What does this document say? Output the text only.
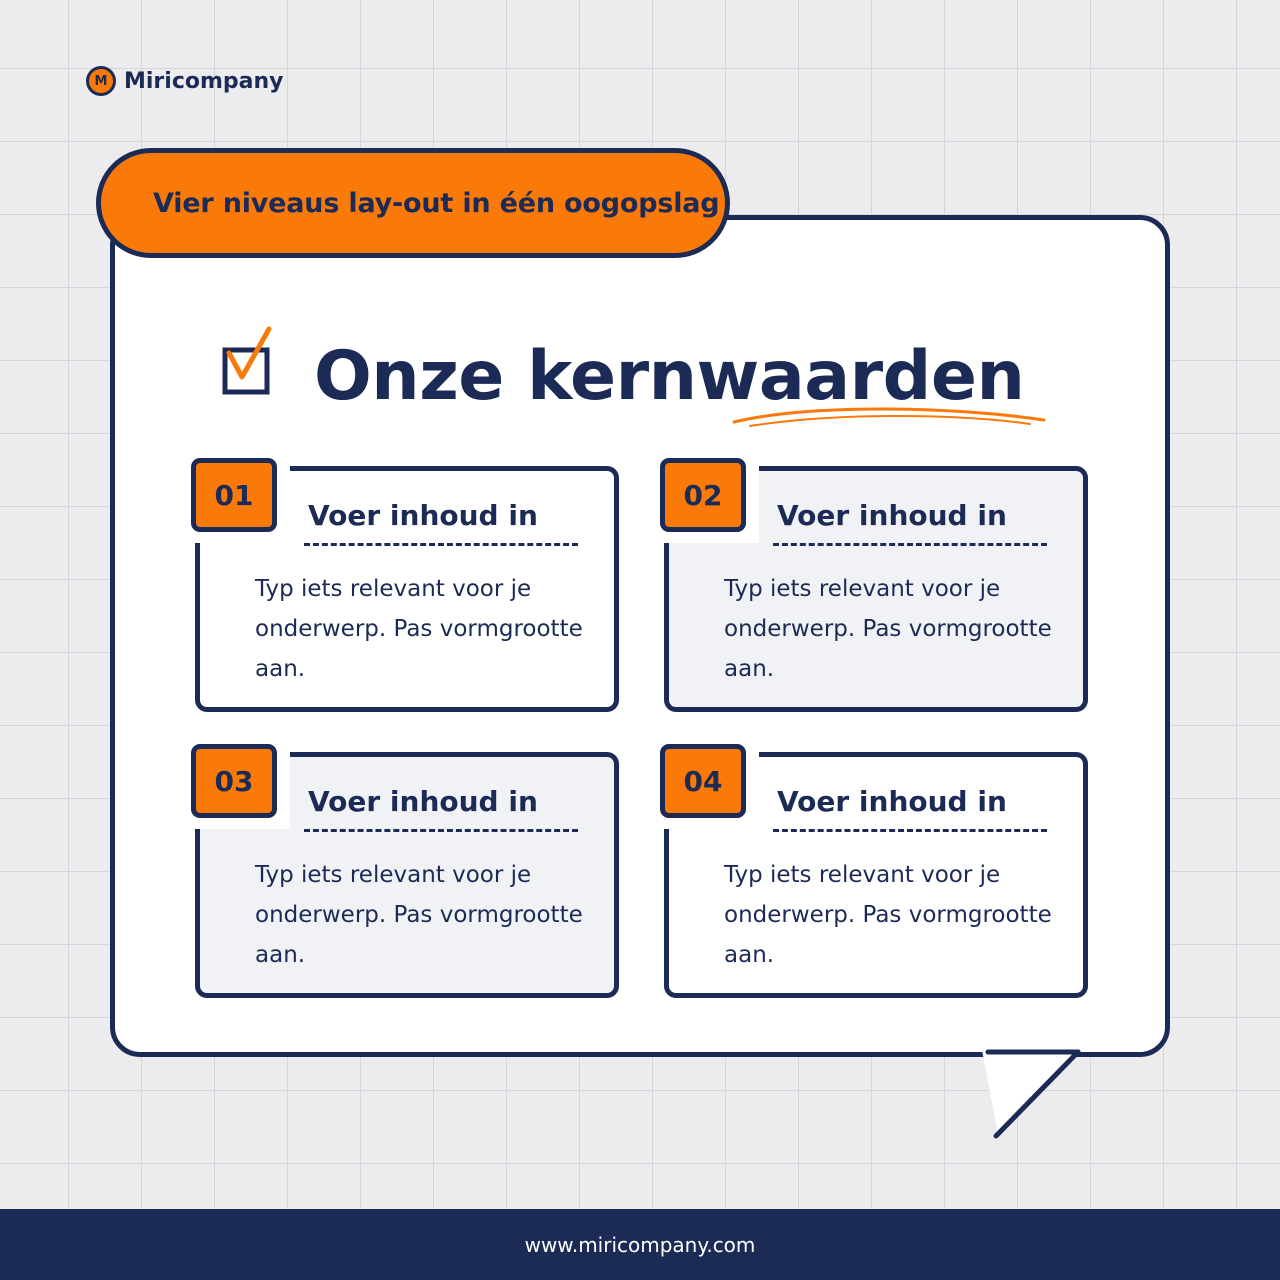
M Miricompany
Vier niveaus lay-out in één oogopslag
Onze kernwaarden
01
Voer inhoud in
Typ iets relevant voor je onderwerp. Pas vormgrootte aan.
02
Voer inhoud in
Typ iets relevant voor je onderwerp. Pas vormgrootte aan.
03
Voer inhoud in
Typ iets relevant voor je onderwerp. Pas vormgrootte aan.
04
Voer inhoud in
Typ iets relevant voor je onderwerp. Pas vormgrootte aan.
www.miricompany.com
